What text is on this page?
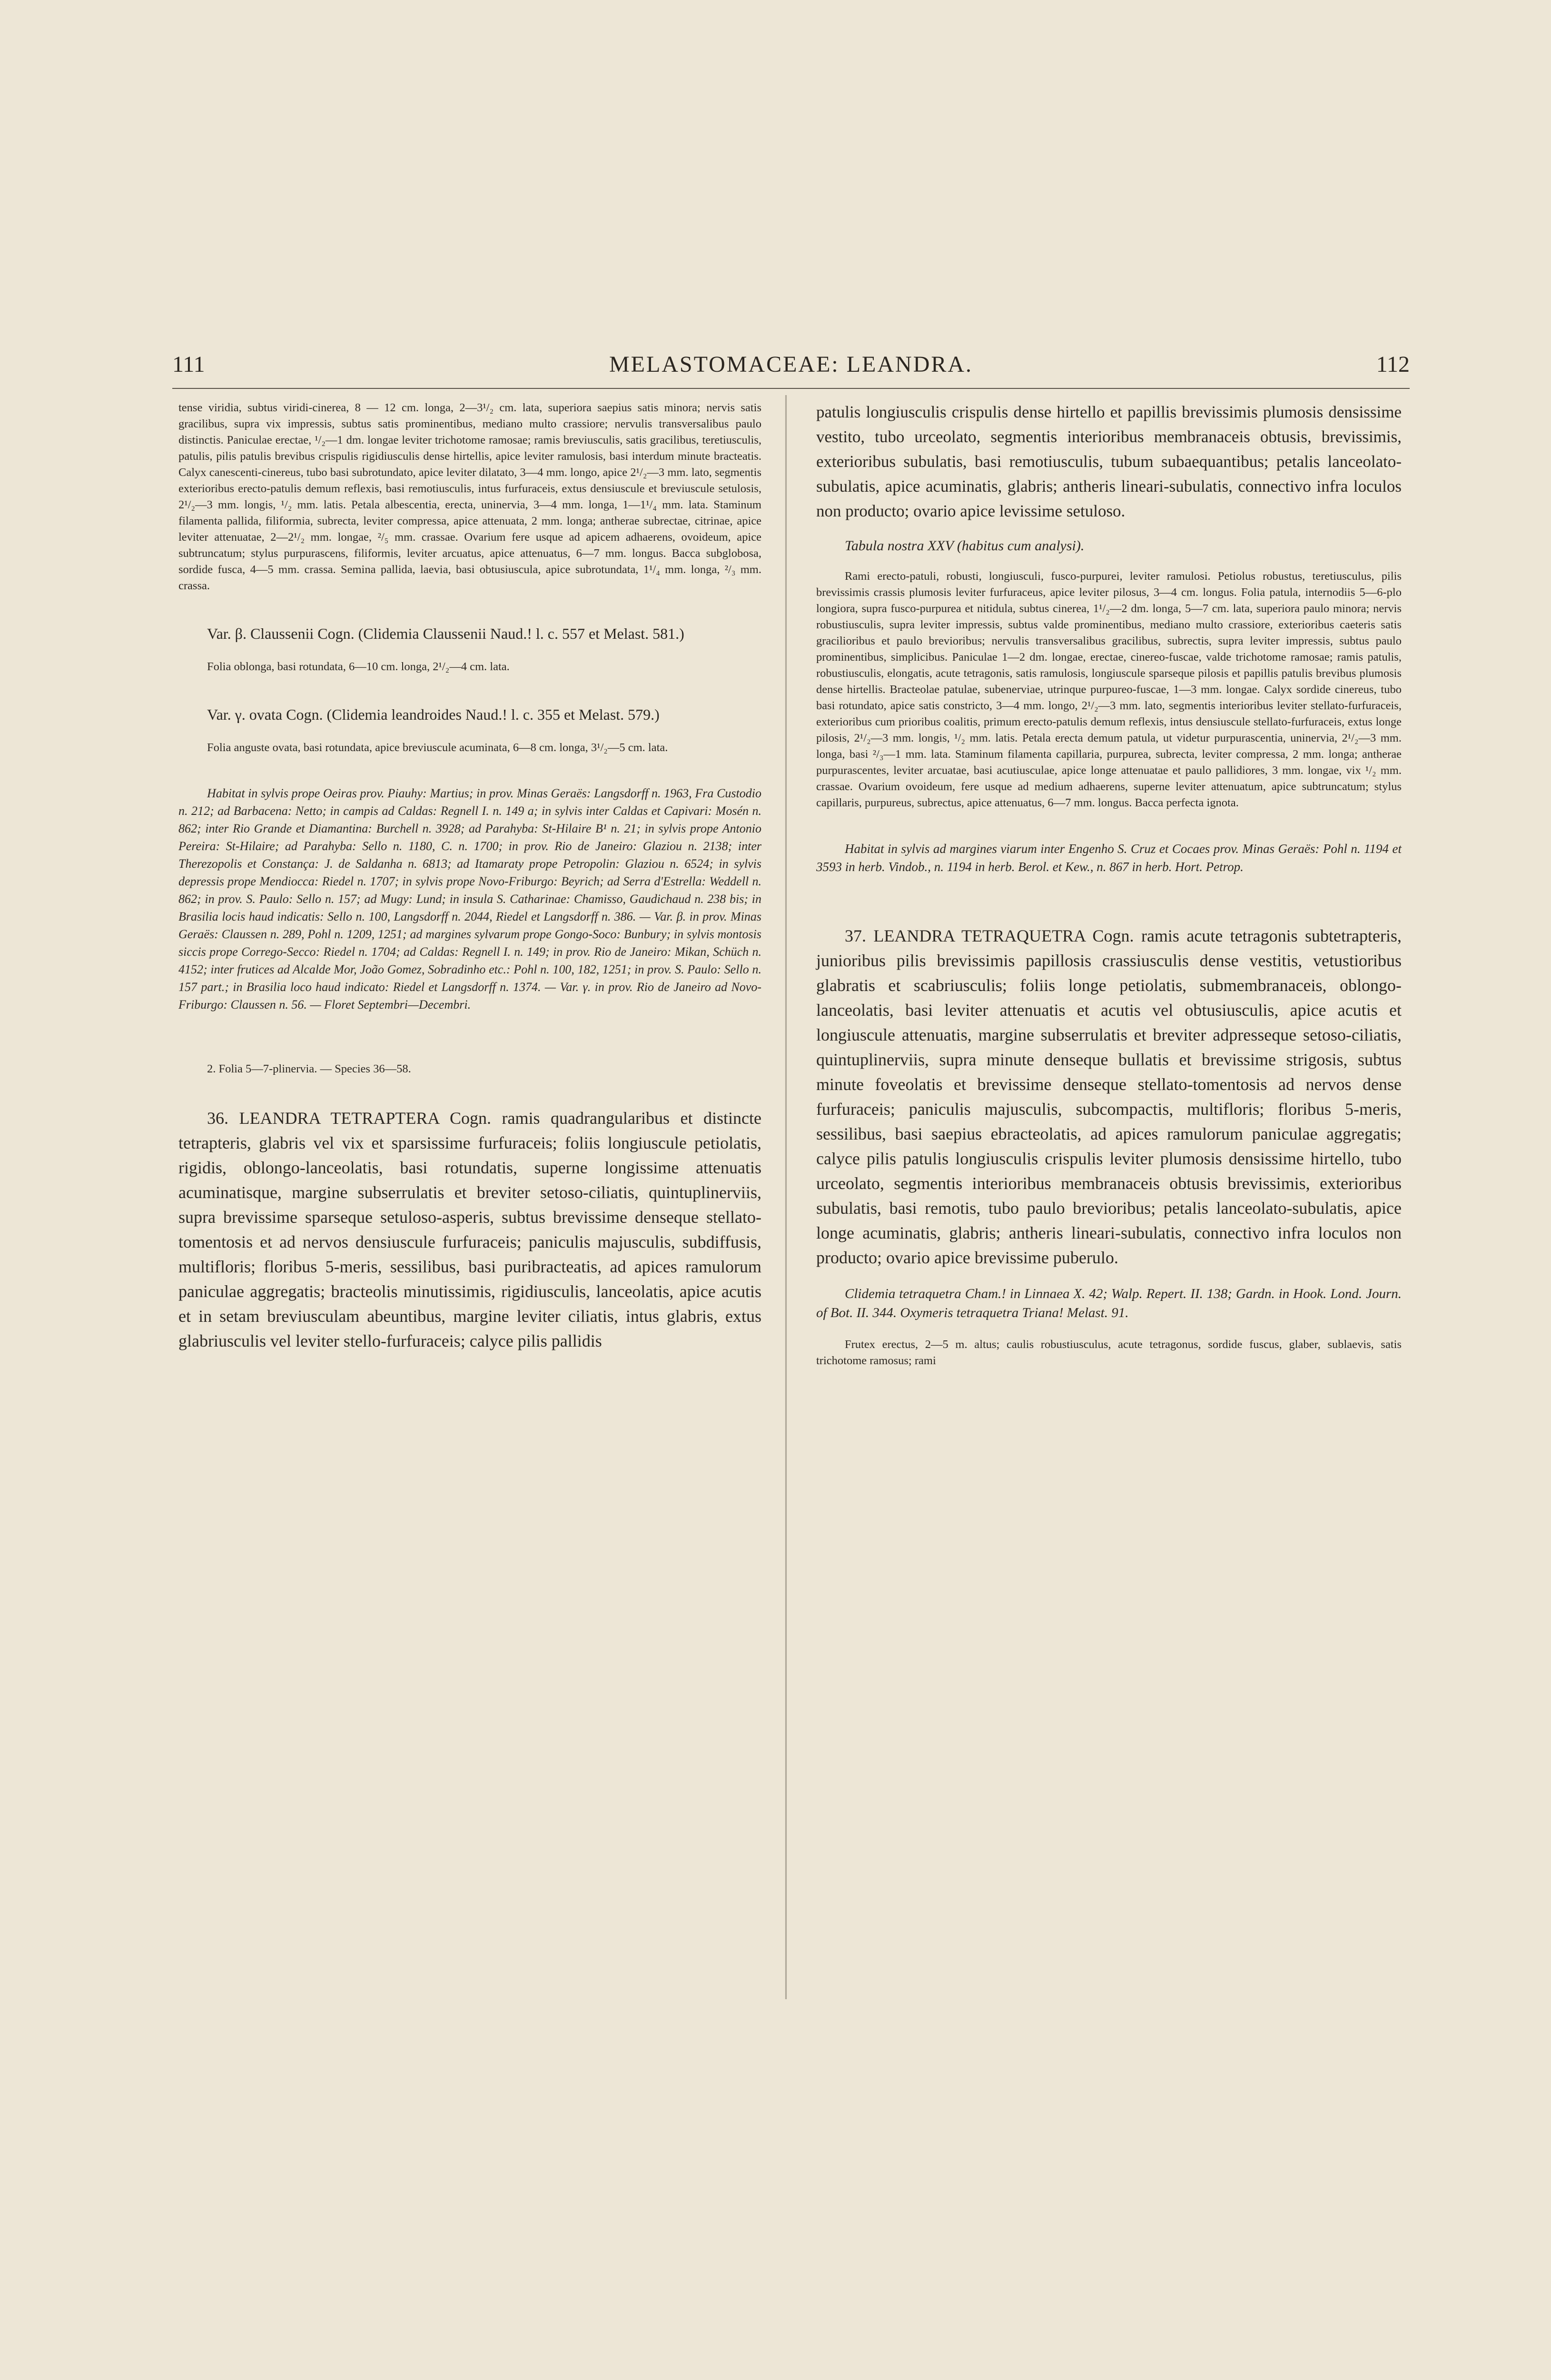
111	MELASTOMACEAE: LEANDRA.	112

tense viridia, subtus viridi-cinerea, 8 — 12 cm. longa, 2—3¹/₂ cm. lata, superiora saepius satis minora; nervis satis gracilibus, supra vix impressis, subtus satis prominentibus, mediano multo crassiore; nervulis transversalibus paulo distinctis. Paniculae erectae, ¹/₂—1 dm. longae leviter trichotome ramosae; ramis breviusculis, satis gracilibus, teretiusculis, patulis, pilis patulis brevibus crispulis rigidiusculis dense hirtellis, apice leviter ramulosis, basi interdum minute bracteatis. Calyx canescenti-cinereus, tubo basi subrotundato, apice leviter dilatato, 3—4 mm. longo, apice 2¹/₂—3 mm. lato, segmentis exterioribus erecto-patulis demum reflexis, basi remotiusculis, intus furfuraceis, extus densiuscule et breviuscule setulosis, 2¹/₂—3 mm. longis, ¹/₂ mm. latis. Petala albescentia, erecta, uninervia, 3—4 mm. longa, 1—1¹/₄ mm. lata. Staminum filamenta pallida, filiformia, subrecta, leviter compressa, apice attenuata, 2 mm. longa; antherae subrectae, citrinae, apice leviter attenuatae, 2—2¹/₂ mm. longae, ²/₅ mm. crassae. Ovarium fere usque ad apicem adhaerens, ovoideum, apice subtruncatum; stylus purpurascens, filiformis, leviter arcuatus, apice attenuatus, 6—7 mm. longus. Bacca subglobosa, sordide fusca, 4—5 mm. crassa. Semina pallida, laevia, basi obtusiuscula, apice subrotundata, 1¹/₄ mm. longa, ²/₃ mm. crassa.

Var. β. Claussenii Cogn. (Clidemia Claussenii Naud.! l. c. 557 et Melast. 581.)

Folia oblonga, basi rotundata, 6—10 cm. longa, 2¹/₂—4 cm. lata.

Var. γ. ovata Cogn. (Clidemia leandroides Naud.! l. c. 355 et Melast. 579.)

Folia anguste ovata, basi rotundata, apice breviuscule acuminata, 6—8 cm. longa, 3¹/₂—5 cm. lata.

Habitat in sylvis prope Oeiras prov. Piauhy: Martius; in prov. Minas Geraës: Langsdorff n. 1963, Fra Custodio n. 212; ad Barbacena: Netto; in campis ad Caldas: Regnell I. n. 149 a; in sylvis inter Caldas et Capivari: Mosén n. 862; inter Rio Grande et Diamantina: Burchell n. 3928; ad Parahyba: St-Hilaire B¹ n. 21; in sylvis prope Antonio Pereira: St-Hilaire; ad Parahyba: Sello n. 1180, C. n. 1700; in prov. Rio de Janeiro: Glaziou n. 2138; inter Therezopolis et Constança: J. de Saldanha n. 6813; ad Itamaraty prope Petropolin: Glaziou n. 6524; in sylvis depressis prope Mendiocca: Riedel n. 1707; in sylvis prope Novo-Friburgo: Beyrich; ad Serra d'Estrella: Weddell n. 862; in prov. S. Paulo: Sello n. 157; ad Mugy: Lund; in insula S. Catharinae: Chamisso, Gaudichaud n. 238 bis; in Brasilia locis haud indicatis: Sello n. 100, Langsdorff n. 2044, Riedel et Langsdorff n. 386. — Var. β. in prov. Minas Geraës: Claussen n. 289, Pohl n. 1209, 1251; ad margines sylvarum prope Gongo-Soco: Bunbury; in sylvis montosis siccis prope Corrego-Secco: Riedel n. 1704; ad Caldas: Regnell I. n. 149; in prov. Rio de Janeiro: Mikan, Schüch n. 4152; inter frutices ad Alcalde Mor, João Gomez, Sobradinho etc.: Pohl n. 100, 182, 1251; in prov. S. Paulo: Sello n. 157 part.; in Brasilia loco haud indicato: Riedel et Langsdorff n. 1374. — Var. γ. in prov. Rio de Janeiro ad Novo-Friburgo: Claussen n. 56. — Floret Septembri—Decembri.

2. Folia 5—7-plinervia. — Species 36—58.

36. LEANDRA TETRAPTERA Cogn. ramis quadrangularibus et distincte tetrapteris, glabris vel vix et sparsissime furfuraceis; foliis longiuscule petiolatis, rigidis, oblongo-lanceolatis, basi rotundatis, superne longissime attenuatis acuminatisque, margine subserrulatis et breviter setoso-ciliatis, quintuplinerviis, supra brevissime sparseque setuloso-asperis, subtus brevissime denseque stellato-tomentosis et ad nervos densiuscule furfuraceis; paniculis majusculis, subdiffusis, multifloris; floribus 5-meris, sessilibus, basi puribracteatis, ad apices ramulorum paniculae aggregatis; bracteolis minutissimis, rigidiusculis, lanceolatis, apice acutis et in setam breviusculam abeuntibus, margine leviter ciliatis, intus glabris, extus glabriusculis vel leviter stello-furfuraceis; calyce pilis pallidis

patulis longiusculis crispulis dense hirtello et papillis brevissimis plumosis densissime vestito, tubo urceolato, segmentis interioribus membranaceis obtusis, brevissimis, exterioribus subulatis, basi remotiusculis, tubum subaequantibus; petalis lanceolato-subulatis, apice acuminatis, glabris; antheris lineari-subulatis, connectivo infra loculos non producto; ovario apice levissime setuloso.

Tabula nostra XXV (habitus cum analysi).

Rami erecto-patuli, robusti, longiusculi, fusco-purpurei, leviter ramulosi. Petiolus robustus, teretiusculus, pilis brevissimis crassis plumosis leviter furfuraceus, apice leviter pilosus, 3—4 cm. longus. Folia patula, internodiis 5—6-plo longiora, supra fusco-purpurea et nitidula, subtus cinerea, 1¹/₂—2 dm. longa, 5—7 cm. lata, superiora paulo minora; nervis robustiusculis, supra leviter impressis, subtus valde prominentibus, mediano multo crassiore, exterioribus caeteris satis gracilioribus et paulo brevioribus; nervulis transversalibus gracilibus, subrectis, supra leviter impressis, subtus paulo prominentibus, simplicibus. Paniculae 1—2 dm. longae, erectae, cinereo-fuscae, valde trichotome ramosae; ramis patulis, robustiusculis, elongatis, acute tetragonis, satis ramulosis, longiuscule sparseque pilosis et papillis patulis brevibus plumosis dense hirtellis. Bracteolae patulae, subenerviae, utrinque purpureo-fuscae, 1—3 mm. longae. Calyx sordide cinereus, tubo basi rotundato, apice satis constricto, 3—4 mm. longo, 2¹/₂—3 mm. lato, segmentis interioribus leviter stellato-furfuraceis, exterioribus cum prioribus coalitis, primum erecto-patulis demum reflexis, intus densiuscule stellato-furfuraceis, extus longe pilosis, 2¹/₂—3 mm. longis, ¹/₂ mm. latis. Petala erecta demum patula, ut videtur purpurascentia, uninervia, 2¹/₂—3 mm. longa, basi ²/₃—1 mm. lata. Staminum filamenta capillaria, purpurea, subrecta, leviter compressa, 2 mm. longa; antherae purpurascentes, leviter arcuatae, basi acutiusculae, apice longe attenuatae et paulo pallidiores, 3 mm. longae, vix ¹/₂ mm. crassae. Ovarium ovoideum, fere usque ad medium adhaerens, superne leviter attenuatum, apice subtruncatum; stylus capillaris, purpureus, subrectus, apice attenuatus, 6—7 mm. longus. Bacca perfecta ignota.

Habitat in sylvis ad margines viarum inter Engenho S. Cruz et Cocaes prov. Minas Geraës: Pohl n. 1194 et 3593 in herb. Vindob., n. 1194 in herb. Berol. et Kew., n. 867 in herb. Hort. Petrop.

37. LEANDRA TETRAQUETRA Cogn. ramis acute tetragonis subtetrapteris, junioribus pilis brevissimis papillosis crassiusculis dense vestitis, vetustioribus glabratis et scabriusculis; foliis longe petiolatis, submembranaceis, oblongo-lanceolatis, basi leviter attenuatis et acutis vel obtusiusculis, apice acutis et longiuscule attenuatis, margine subserrulatis et breviter adpresseque setoso-ciliatis, quintuplinerviis, supra minute denseque bullatis et brevissime strigosis, subtus minute foveolatis et brevissime denseque stellato-tomentosis ad nervos dense furfuraceis; paniculis majusculis, subcompactis, multifloris; floribus 5-meris, sessilibus, basi saepius ebracteolatis, ad apices ramulorum paniculae aggregatis; calyce pilis patulis longiusculis crispulis leviter plumosis densissime hirtello, tubo urceolato, segmentis interioribus membranaceis obtusis brevissimis, exterioribus subulatis, basi remotis, tubo paulo brevioribus; petalis lanceolato-subulatis, apice longe acuminatis, glabris; antheris lineari-subulatis, connectivo infra loculos non producto; ovario apice brevissime puberulo.

Clidemia tetraquetra Cham.! in Linnaea X. 42; Walp. Repert. II. 138; Gardn. in Hook. Lond. Journ. of Bot. II. 344. Oxymeris tetraquetra Triana! Melast. 91.

Frutex erectus, 2—5 m. altus; caulis robustiusculus, acute tetragonus, sordide fuscus, glaber, sublaevis, satis trichotome ramosus; rami
